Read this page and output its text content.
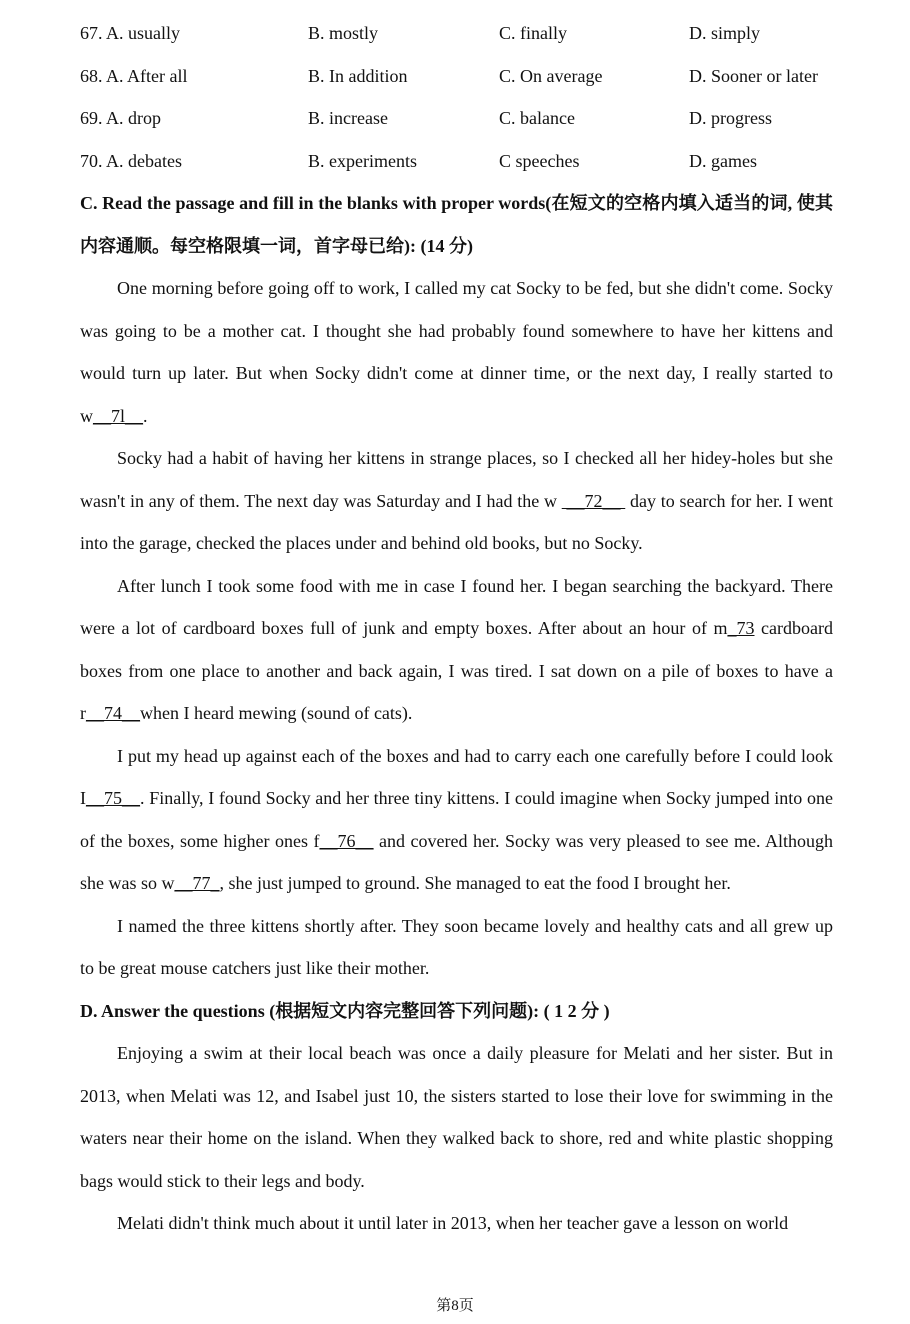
67. A. usually	B. mostly	C. finally	D. simply
68. A. After all	B. In addition	C. On average	D. Sooner or later
69. A. drop	B. increase	C. balance	D. progress
70. A. debates	B. experiments	C speeches	D. games
C. Read the passage and fill in the blanks with proper words(在短文的空格内填入适当的词, 使其内容通顺。每空格限填一词，首字母已给): (14 分)

One morning before going off to work, I called my cat Socky to be fed, but she didn't come. Socky was going to be a mother cat. I thought she had probably found somewhere to have her kittens and would turn up later. But when Socky didn't come at dinner time, or the next day, I really started to w__7l__.

Socky had a habit of having her kittens in strange places, so I checked all her hidey-holes but she wasn't in any of them. The next day was Saturday and I had the w  __72__  day to search for her. I went into the garage, checked the places under and behind old books, but no Socky.

After lunch I took some food with me in case I found her. I began searching the backyard. There were a lot of cardboard boxes full of junk and empty boxes. After about an hour of m_73 cardboard boxes from one place to another and back again, I was tired. I sat down on a pile of boxes to have a r__74__when I heard mewing (sound of cats).

I put my head up against each of the boxes and had to carry each one carefully before I could look I__75__. Finally, I found Socky and her three tiny kittens. I could imagine when Socky jumped into one of the boxes, some higher ones f__76__ and covered her. Socky was very pleased to see me. Although she was so w__77_, she just jumped to ground. She managed to eat the food I brought her.

I named the three kittens shortly after. They soon became lovely and healthy cats and all grew up to be great mouse catchers just like their mother.

D. Answer the questions (根据短文内容完整回答下列问题): ( 1 2 分 )

Enjoying a swim at their local beach was once a daily pleasure for Melati and her sister. But in 2013, when Melati was 12, and Isabel just 10, the sisters started to lose their love for swimming in the waters near their home on the island. When they walked back to shore, red and white plastic shopping bags would stick to their legs and body.

Melati didn't think much about it until later in 2013, when her teacher gave a lesson on world

第8页
